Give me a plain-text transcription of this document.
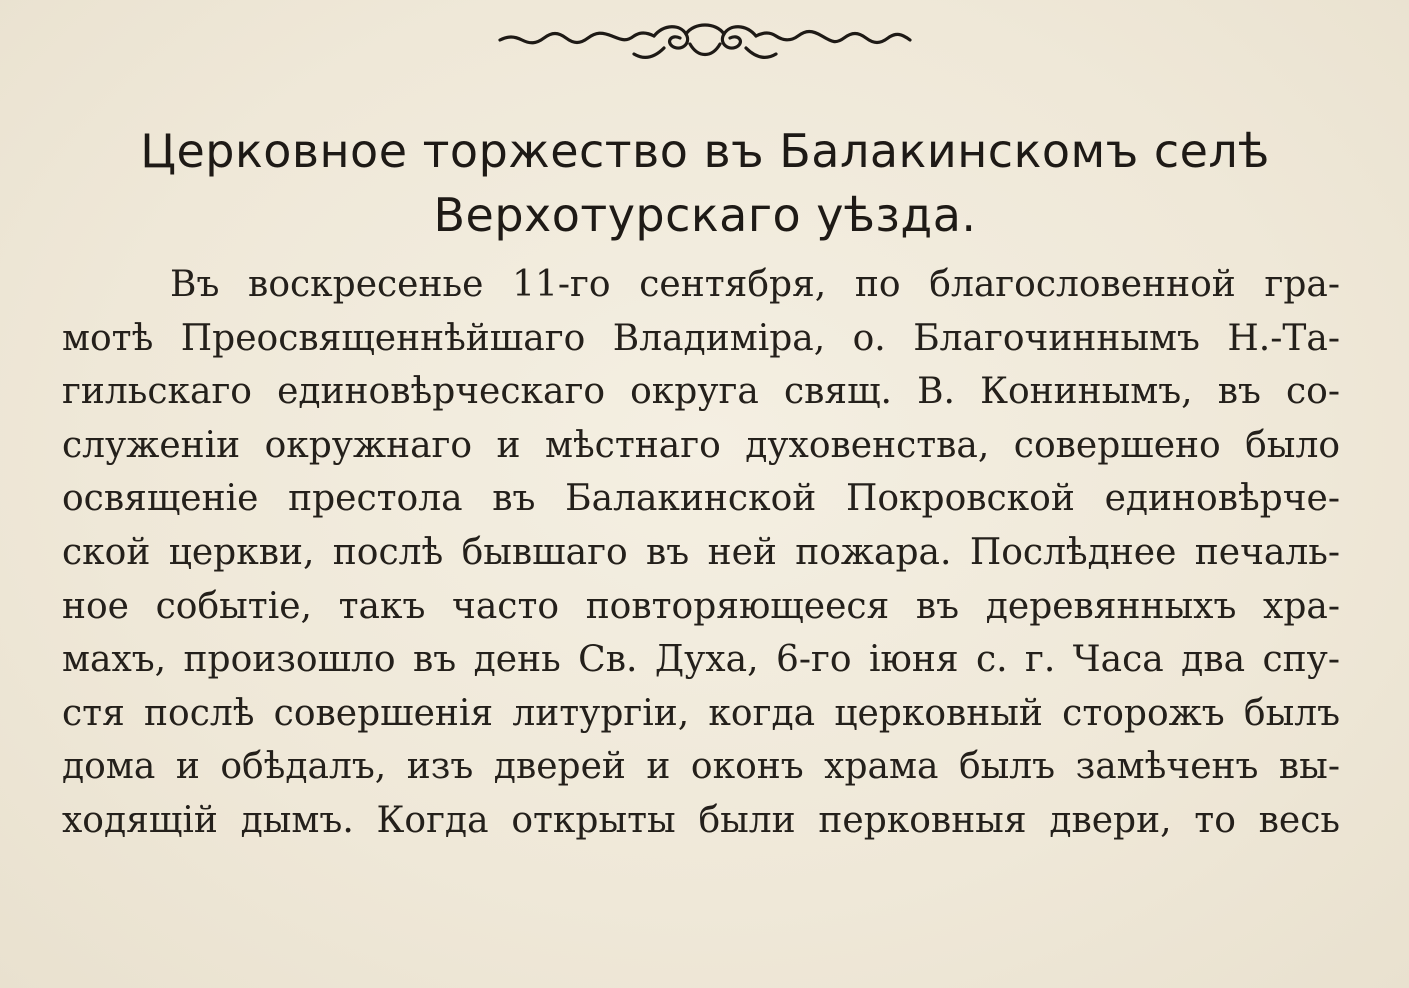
Церковное торжество въ Балакинскомъ селѣ
Верхотурскаго уѣзда.
Въ воскресенье 11-го сентября, по благословенной гра-
мотѣ Преосвященнѣйшаго Владиміра, о. Благочиннымъ Н.-Та-
гильскаго единовѣрческаго округа свящ. В. Конинымъ, въ со-
служеніи окружнаго и мѣстнаго духовенства, совершено было
освященіе престола въ Балакинской Покровской единовѣрче-
ской церкви, послѣ бывшаго въ ней пожара. Послѣднее печаль-
ное событіе, такъ часто повторяющееся въ деревянныхъ хра-
махъ, произошло въ день Св. Духа, 6-го іюня с. г. Часа два спу-
стя послѣ совершенія литургіи, когда церковный сторожъ былъ
дома и обѣдалъ, изъ дверей и оконъ храма былъ замѣченъ вы-
ходящій дымъ. Когда открыты были перковныя двери, то весь
